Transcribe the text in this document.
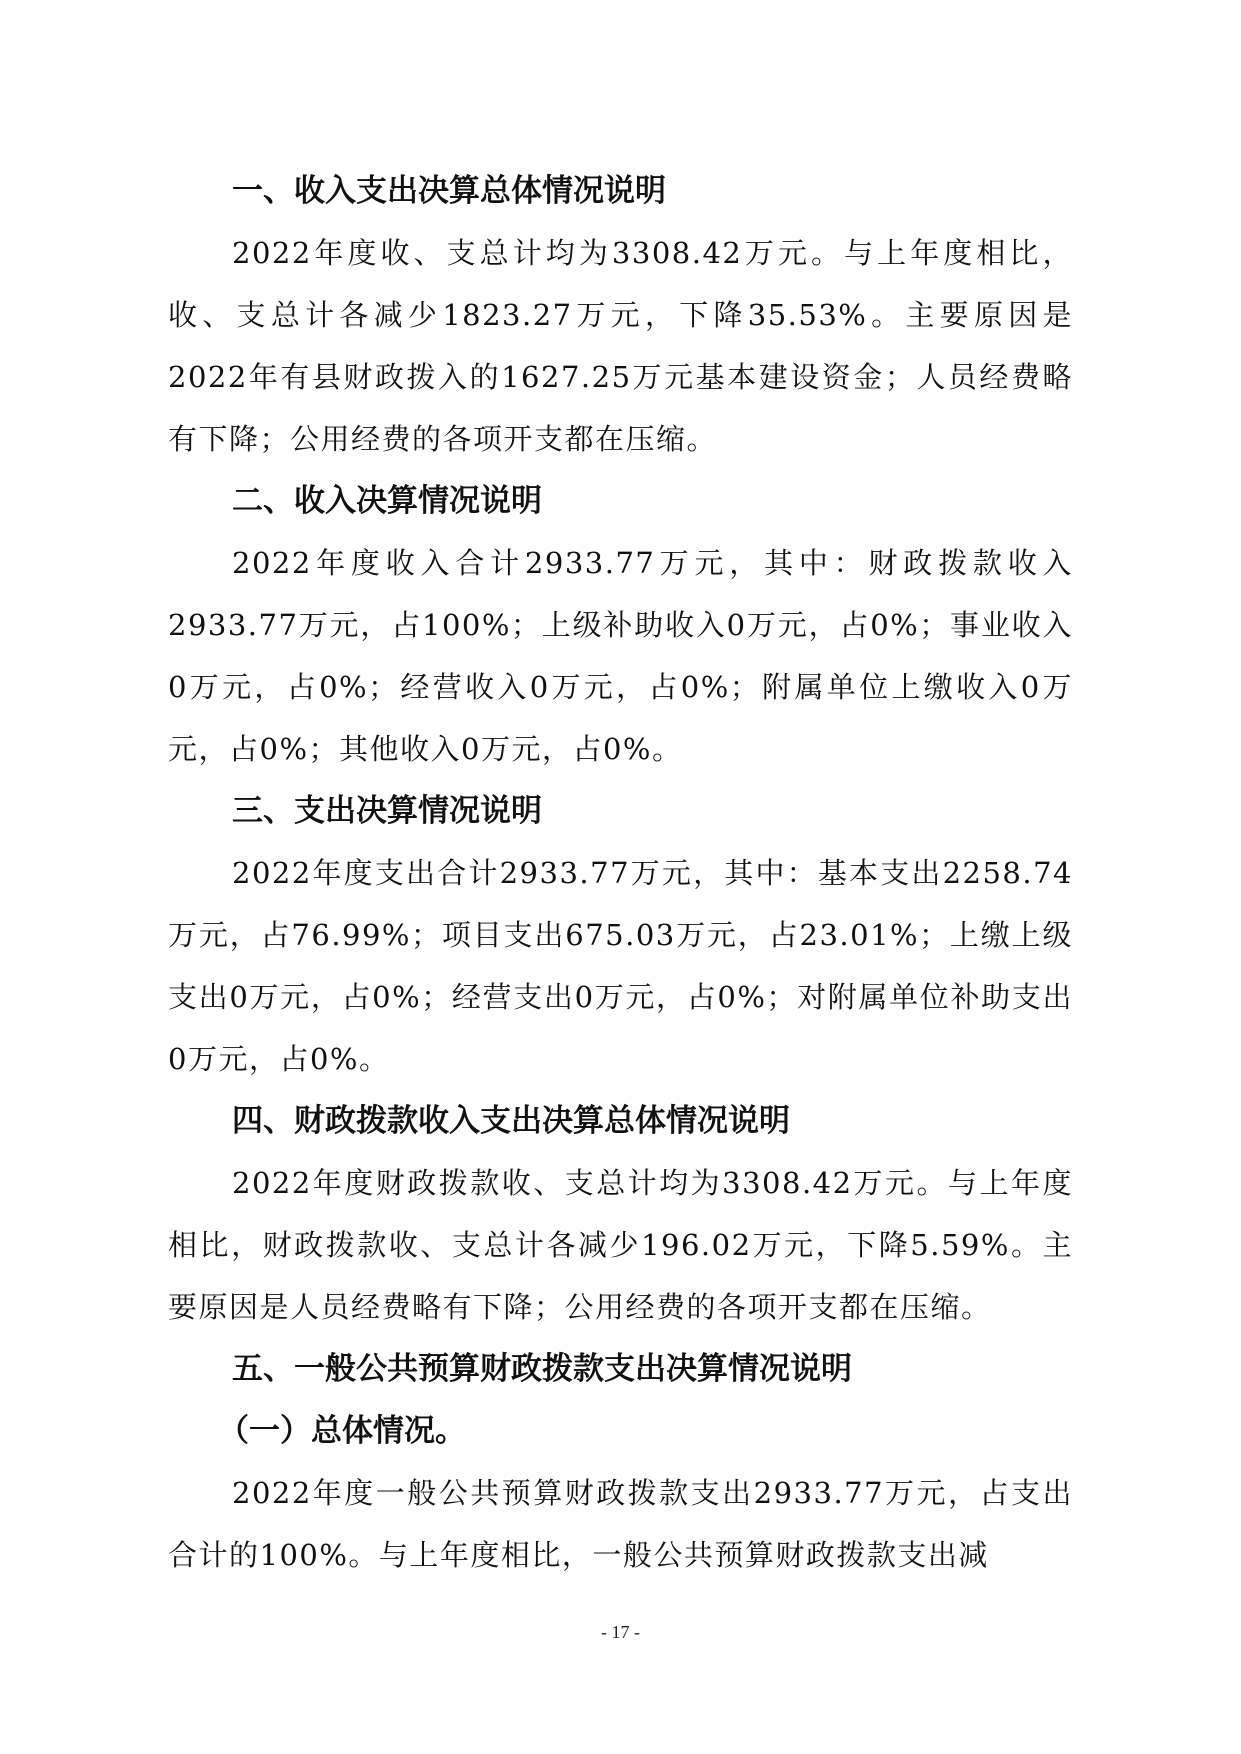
一、收入支出决算总体情况说明

2022年度收、支总计均为3308.42万元。与上年度相比，收、支总计各减少1823.27万元，下降35.53%。主要原因是2022年有县财政拨入的1627.25万元基本建设资金；人员经费略有下降；公用经费的各项开支都在压缩。

二、收入决算情况说明

2022年度收入合计2933.77万元，其中：财政拨款收入2933.77万元，占100%；上级补助收入0万元，占0%；事业收入0万元，占0%；经营收入0万元，占0%；附属单位上缴收入0万元，占0%；其他收入0万元，占0%。

三、支出决算情况说明

2022年度支出合计2933.77万元，其中：基本支出2258.74万元，占76.99%；项目支出675.03万元，占23.01%；上缴上级支出0万元，占0%；经营支出0万元，占0%；对附属单位补助支出0万元，占0%。

四、财政拨款收入支出决算总体情况说明

2022年度财政拨款收、支总计均为3308.42万元。与上年度相比，财政拨款收、支总计各减少196.02万元，下降5.59%。主要原因是人员经费略有下降；公用经费的各项开支都在压缩。

五、一般公共预算财政拨款支出决算情况说明
（一）总体情况。

2022年度一般公共预算财政拨款支出2933.77万元，占支出合计的100%。与上年度相比，一般公共预算财政拨款支出减

- 17 -
